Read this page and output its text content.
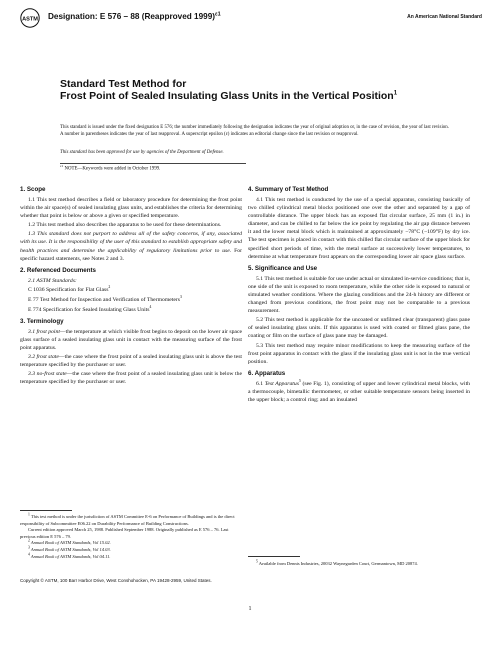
ASTM Designation: E 576 – 88 (Reapproved 1999)$^{\varepsilon 1}$	An American National Standard

Standard Test Method for

Frost Point of Sealed Insulating Glass Units in the Vertical Position$^1$

This standard is issued under the fixed designation E 576; the number immediately following the designation indicates the year of original adoption or, in the case of revision, the year of last revision. A number in parentheses indicates the year of last reapproval. A superscript epsilon (ε) indicates an editorial change since the last revision or reapproval.

This standard has been approved for use by agencies of the Department of Defense.

$^{\varepsilon 1}$ NOTE—Keywords were added in October 1999.

1. Scope

1.1 This test method describes a field or laboratory procedure for determining the frost point within the air space(s) of sealed insulating glass units, and establishes the criteria for determining whether that point is below or above a given or specified temperature.

1.2 This test method also describes the apparatus to be used for these determinations.

1.3 This standard does not purport to address all of the safety concerns, if any, associated with its use. It is the responsibility of the user of this standard to establish appropriate safety and health practices and determine the applicability of regulatory limitations prior to use. For specific hazard statements, see Notes 2 and 3.

2. Referenced Documents

2.1 ASTM Standards:

C 1036 Specification for Flat Glass$^2$

E 77 Test Method for Inspection and Verification of Thermometers$^3$

E 774 Specification for Sealed Insulating Glass Units$^4$

3. Terminology

3.1 frost point—the temperature at which visible frost begins to deposit on the lower air space glass surface of a sealed insulating glass unit in contact with the measuring surface of the frost point apparatus.

3.2 frost state—the case where the frost point of a sealed insulating glass unit is above the test temperature specified by the purchaser or user.

3.3 no-frost state—the case where the frost point of a sealed insulating glass unit is below the temperature specified by the purchaser or user.

4. Summary of Test Method

4.1 This test method is conducted by the use of a special apparatus, consisting basically of two chilled cylindrical metal blocks positioned one over the other and separated by a gap of controllable distance. The upper block has an exposed flat circular surface, 25 mm (1 in.) in diameter, and can be chilled to far below the ice point by regulating the air gap distance between it and the lower metal block which is maintained at approximately −78°C (−109°F) by dry ice. The test specimen is placed in contact with this chilled flat circular surface of the upper block for specified short periods of time, with the metal surface at successively lower temperatures, to determine at what temperature frost appears on the corresponding lower air space glass surface.

5. Significance and Use

5.1 This test method is suitable for use under actual or simulated in-service conditions; that is, one side of the unit is exposed to room temperature, while the other side is exposed to natural or simulated weather conditions. Where the glazing conditions and the 24-h history are different or changed from previous conditions, the frost point may not be comparable to a previous measurement.

5.2 This test method is applicable for the uncoated or unfilmed clear (transparent) glass pane of sealed insulating glass units. If this apparatus is used with coated or filmed glass pane, the coating or film on the surface of glass pane may be damaged.

5.3 This test method may require minor modifications to keep the measuring surface of the frost point apparatus in contact with the glass if the insulating glass unit is not in the true vertical position.

6. Apparatus

6.1 Test Apparatus$^5$ (see Fig. 1), consisting of upper and lower cylindrical metal blocks, with a thermocouple, bimetallic thermometer, or other suitable temperature sensors being inserted in the upper block; a control ring; and an insulated

$^1$ This test method is under the jurisdiction of ASTM Committee E-6 on Performance of Buildings and is the direct responsibility of Subcommittee E06.22 on Durability Performance of Building Constructions.

Current edition approved March 25, 1988. Published September 1988. Originally published as E 576 – 76. Last previous edition E 576 – 79.

$^2$ Annual Book of ASTM Standards, Vol 15.02.

$^3$ Annual Book of ASTM Standards, Vol 14.03.

$^4$ Annual Book of ASTM Standards, Vol 04.11.

$^5$ Available from Dennis Industries, 20032 Waynegarden Court, Germantown, MD 20874.

Copyright © ASTM, 100 Barr Harbor Drive, West Conshohocken, PA 19428-2959, United States.
1
